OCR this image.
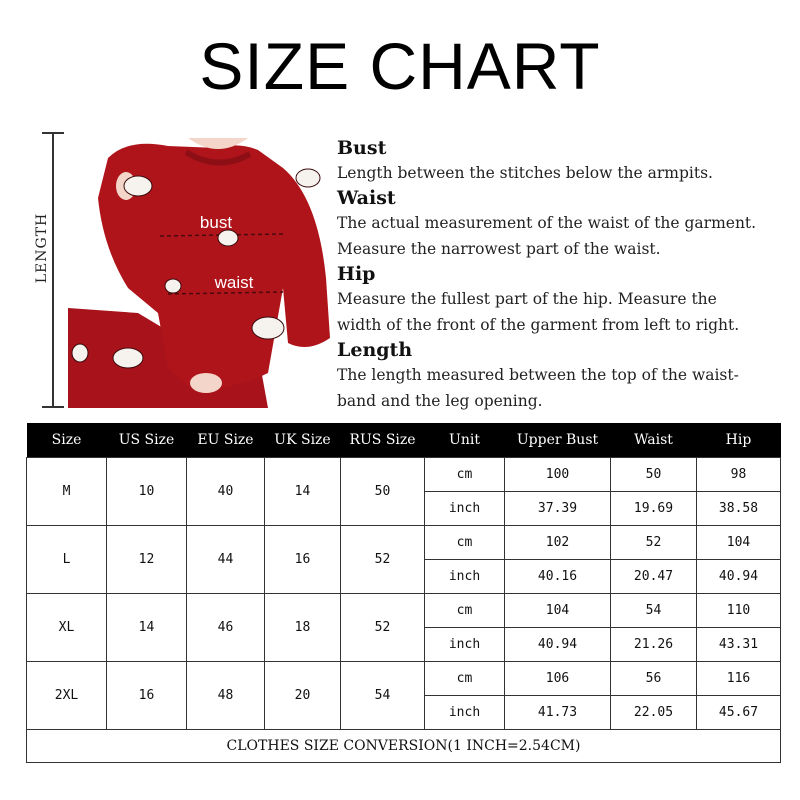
SIZE CHART
LENGTH	bust
waist
Bust
Length between the stitches below the armpits.
Waist
The actual measurement of the waist of the garment.
Measure the narrowest part of the waist.
Hip
Measure the fullest part of the hip. Measure the
width of the front of the garment from left to right.
Length
The length measured between the top of the waist-
band and the leg opening.
Size	US Size	EU Size	UK Size	RUS Size	Unit	Upper Bust	Waist	Hip
M	10	40	14	50	cm	100	50	98
					inch	37.39	19.69	38.58
L	12	44	16	52	cm	102	52	104
					inch	40.16	20.47	40.94
XL	14	46	18	52	cm	104	54	110
					inch	40.94	21.26	43.31
2XL	16	48	20	54	cm	106	56	116
					inch	41.73	22.05	45.67
CLOTHES SIZE CONVERSION(1 INCH=2.54CM)								
